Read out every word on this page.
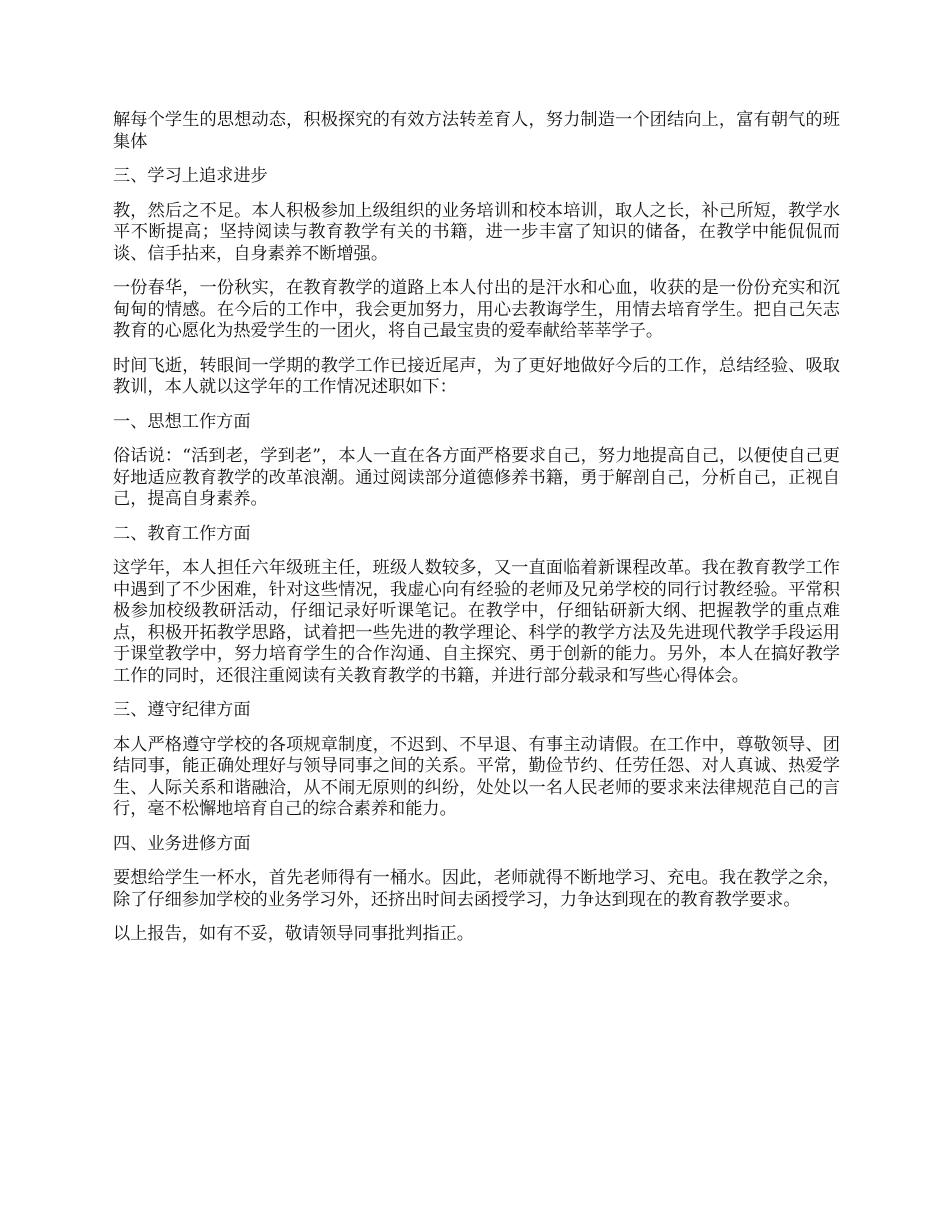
解每个学生的思想动态，积极探究的有效方法转差育人，努力制造一个团结向上，富有朝气的班集体

三、学习上追求进步

教，然后之不足。本人积极参加上级组织的业务培训和校本培训，取人之长，补己所短，教学水平不断提高；坚持阅读与教育教学有关的书籍，进一步丰富了知识的储备，在教学中能侃侃而谈、信手拈来，自身素养不断增强。

一份春华，一份秋实，在教育教学的道路上本人付出的是汗水和心血，收获的是一份份充实和沉甸甸的情感。在今后的工作中，我会更加努力，用心去教诲学生，用情去培育学生。把自己矢志教育的心愿化为热爱学生的一团火，将自己最宝贵的爱奉献给莘莘学子。

时间飞逝，转眼间一学期的教学工作已接近尾声，为了更好地做好今后的工作，总结经验、吸取教训，本人就以这学年的工作情况述职如下：

一、思想工作方面

俗话说：“活到老，学到老”，本人一直在各方面严格要求自己，努力地提高自己，以便使自己更好地适应教育教学的改革浪潮。通过阅读部分道德修养书籍，勇于解剖自己，分析自己，正视自己，提高自身素养。

二、教育工作方面

这学年，本人担任六年级班主任，班级人数较多，又一直面临着新课程改革。我在教育教学工作中遇到了不少困难，针对这些情况，我虚心向有经验的老师及兄弟学校的同行讨教经验。平常积极参加校级教研活动，仔细记录好听课笔记。在教学中，仔细钻研新大纲、把握教学的重点难点，积极开拓教学思路，试着把一些先进的教学理论、科学的教学方法及先进现代教学手段运用于课堂教学中，努力培育学生的合作沟通、自主探究、勇于创新的能力。另外，本人在搞好教学工作的同时，还很注重阅读有关教育教学的书籍，并进行部分载录和写些心得体会。

三、遵守纪律方面

本人严格遵守学校的各项规章制度，不迟到、不早退、有事主动请假。在工作中，尊敬领导、团结同事，能正确处理好与领导同事之间的关系。平常，勤俭节约、任劳任怨、对人真诚、热爱学生、人际关系和谐融洽，从不闹无原则的纠纷，处处以一名人民老师的要求来法律规范自己的言行，毫不松懈地培育自己的综合素养和能力。

四、业务进修方面

要想给学生一杯水，首先老师得有一桶水。因此，老师就得不断地学习、充电。我在教学之余，除了仔细参加学校的业务学习外，还挤出时间去函授学习，力争达到现在的教育教学要求。

以上报告，如有不妥，敬请领导同事批判指正。
